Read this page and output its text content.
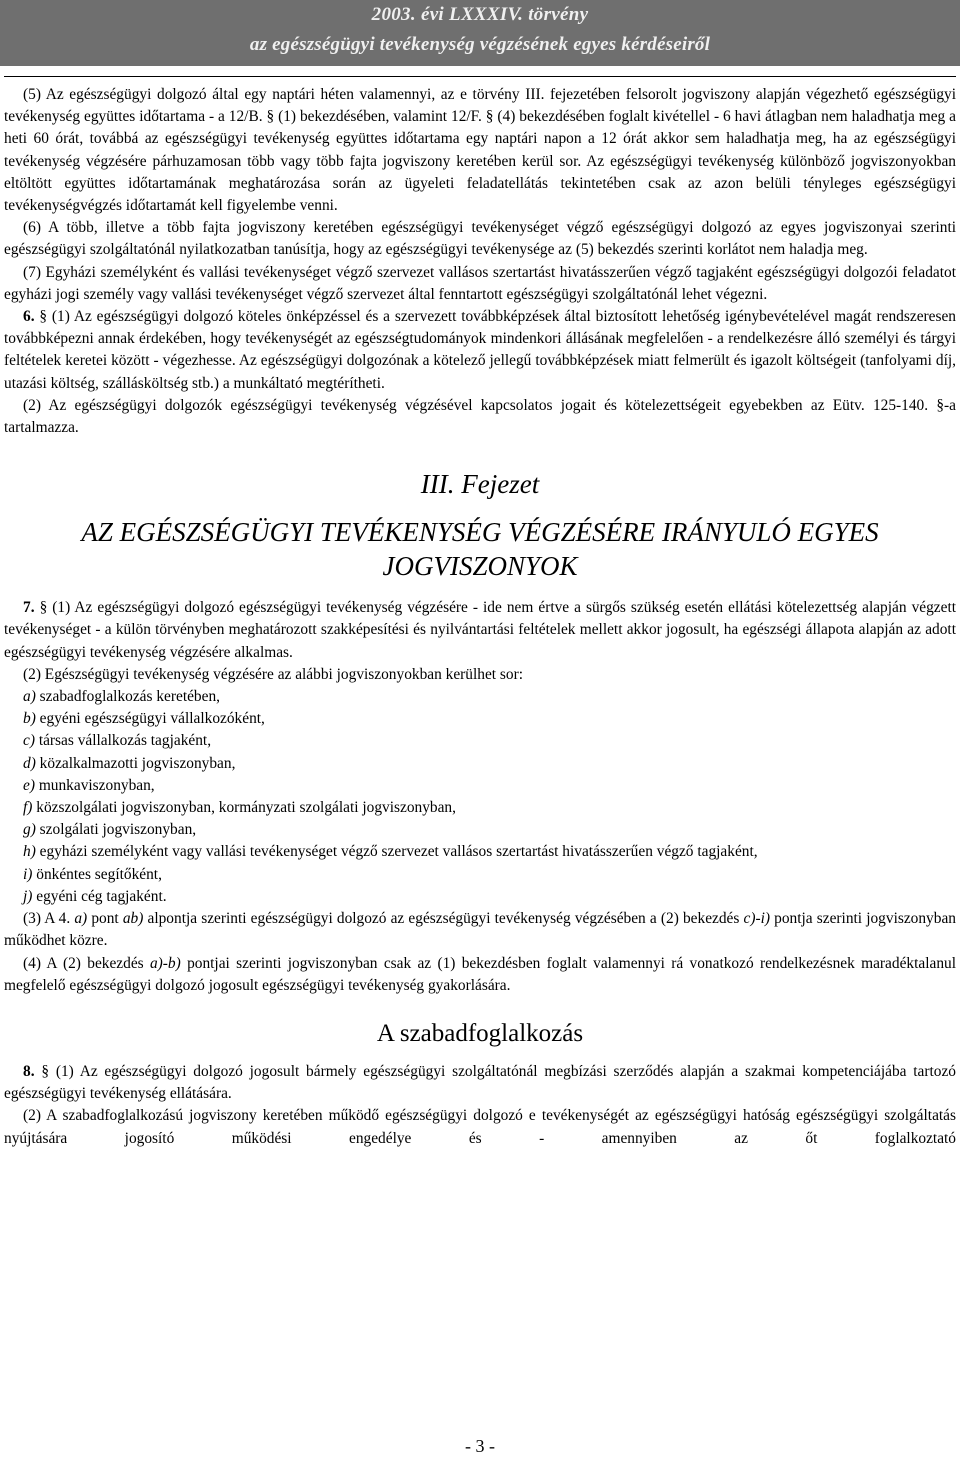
2003. évi LXXXIV. törvény
az egészségügyi tevékenység végzésének egyes kérdéseiről

(5) Az egészségügyi dolgozó által egy naptári héten valamennyi, az e törvény III. fejezetében felsorolt jogviszony alapján végezhető egészségügyi tevékenység együttes időtartama - a 12/B. § (1) bekezdésében, valamint 12/F. § (4) bekezdésében foglalt kivétellel - 6 havi átlagban nem haladhatja meg a heti 60 órát, továbbá az egészségügyi tevékenység együttes időtartama egy naptári napon a 12 órát akkor sem haladhatja meg, ha az egészségügyi tevékenység végzésére párhuzamosan több vagy több fajta jogviszony keretében kerül sor. Az egészségügyi tevékenység különböző jogviszonyokban eltöltött együttes időtartamának meghatározása során az ügyeleti feladatellátás tekintetében csak az azon belüli tényleges egészségügyi tevékenységvégzés időtartamát kell figyelembe venni.

(6) A több, illetve a több fajta jogviszony keretében egészségügyi tevékenységet végző egészségügyi dolgozó az egyes jogviszonyai szerinti egészségügyi szolgáltatónál nyilatkozatban tanúsítja, hogy az egészségügyi tevékenysége az (5) bekezdés szerinti korlátot nem haladja meg.

(7) Egyházi személyként és vallási tevékenységet végző szervezet vallásos szertartást hivatásszerűen végző tagjaként egészségügyi dolgozói feladatot egyházi jogi személy vagy vallási tevékenységet végző szervezet által fenntartott egészségügyi szolgáltatónál lehet végezni.

6. § (1) Az egészségügyi dolgozó köteles önképzéssel és a szervezett továbbképzések által biztosított lehetőség igénybevételével magát rendszeresen továbbképezni annak érdekében, hogy tevékenységét az egészségtudományok mindenkori állásának megfelelően - a rendelkezésre álló személyi és tárgyi feltételek keretei között - végezhesse. Az egészségügyi dolgozónak a kötelező jellegű továbbképzések miatt felmerült és igazolt költségeit (tanfolyami díj, utazási költség, szállásköltség stb.) a munkáltató megtérítheti.

(2) Az egészségügyi dolgozók egészségügyi tevékenység végzésével kapcsolatos jogait és kötelezettségeit egyebekben az Eütv. 125-140. §-a tartalmazza.

III. Fejezet
AZ EGÉSZSÉGÜGYI TEVÉKENYSÉG VÉGZÉSÉRE IRÁNYULÓ EGYES JOGVISZONYOK

7. § (1) Az egészségügyi dolgozó egészségügyi tevékenység végzésére - ide nem értve a sürgős szükség esetén ellátási kötelezettség alapján végzett tevékenységet - a külön törvényben meghatározott szakképesítési és nyilvántartási feltételek mellett akkor jogosult, ha egészségi állapota alapján az adott egészségügyi tevékenység végzésére alkalmas.

(2) Egészségügyi tevékenység végzésére az alábbi jogviszonyokban kerülhet sor:

a) szabadfoglalkozás keretében,

b) egyéni egészségügyi vállalkozóként,

c) társas vállalkozás tagjaként,

d) közalkalmazotti jogviszonyban,

e) munkaviszonyban,

f) közszolgálati jogviszonyban, kormányzati szolgálati jogviszonyban,

g) szolgálati jogviszonyban,

h) egyházi személyként vagy vallási tevékenységet végző szervezet vallásos szertartást hivatásszerűen végző tagjaként,

i) önkéntes segítőként,

j) egyéni cég tagjaként.

(3) A 4. a) pont ab) alpontja szerinti egészségügyi dolgozó az egészségügyi tevékenység végzésében a (2) bekezdés c)-i) pontja szerinti jogviszonyban működhet közre.

(4) A (2) bekezdés a)-b) pontjai szerinti jogviszonyban csak az (1) bekezdésben foglalt valamennyi rá vonatkozó rendelkezésnek maradéktalanul megfelelő egészségügyi dolgozó jogosult egészségügyi tevékenység gyakorlására.

A szabadfoglalkozás

8. § (1) Az egészségügyi dolgozó jogosult bármely egészségügyi szolgáltatónál megbízási szerződés alapján a szakmai kompetenciájába tartozó egészségügyi tevékenység ellátására.

(2) A szabadfoglalkozású jogviszony keretében működő egészségügyi dolgozó e tevékenységét az egészségügyi hatóság egészségügyi szolgáltatás nyújtására jogosító működési engedélye és - amennyiben az őt foglalkoztató

- 3 -
